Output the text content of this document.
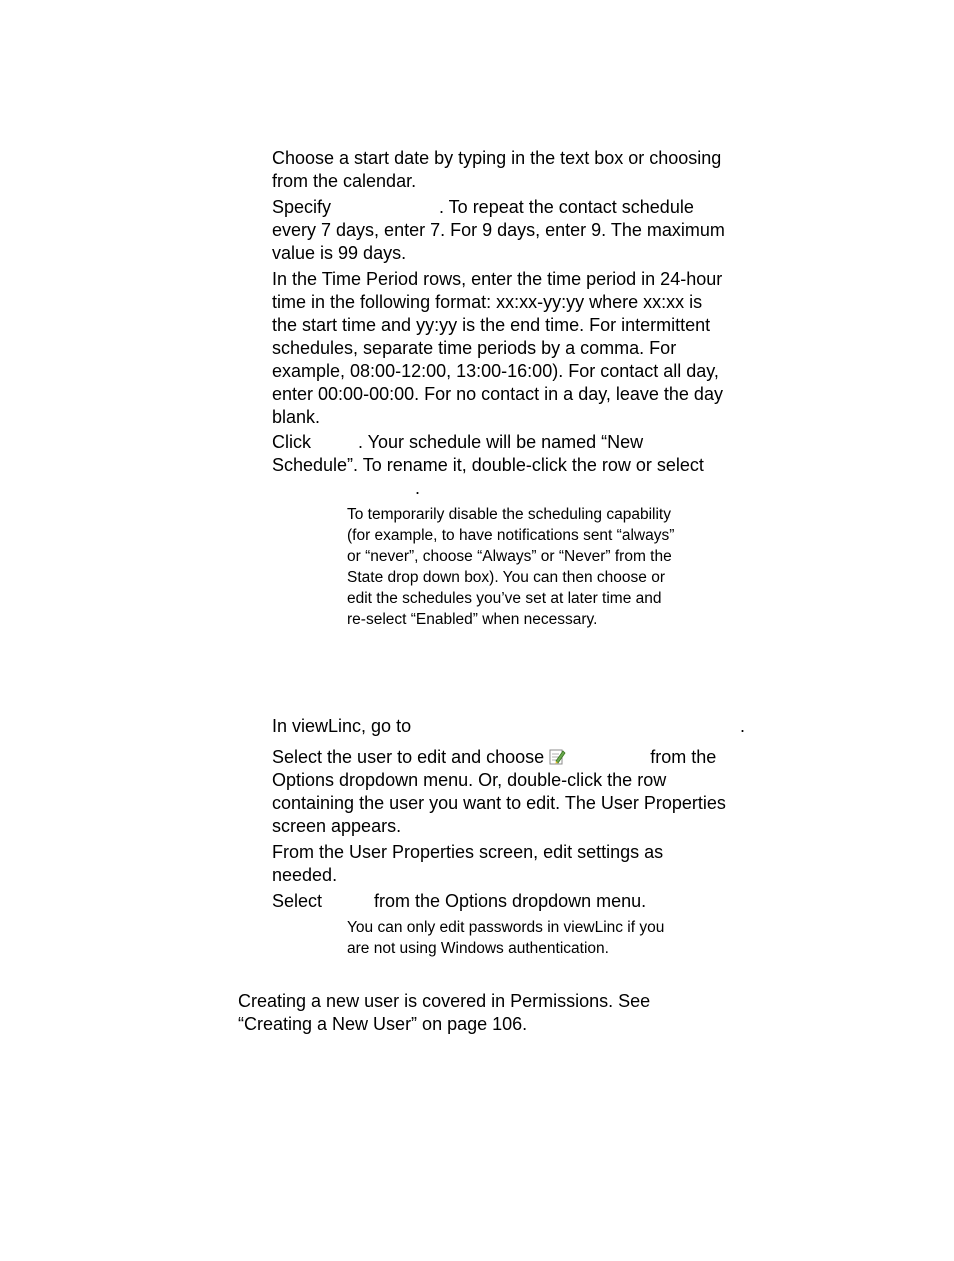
Choose a start date by typing in the text box or choosing
from the calendar.
Specify	. To repeat the contact schedule
every 7 days, enter 7. For 9 days, enter 9. The maximum
value is 99 days.
In the Time Period rows, enter the time period in 24-hour
time in the following format: xx:xx-yy:yy where xx:xx is
the start time and yy:yy is the end time. For intermittent
schedules, separate time periods by a comma. For
example, 08:00-12:00, 13:00-16:00). For contact all day,
enter 00:00-00:00. For no contact in a day, leave the day
blank.
Click	. Your schedule will be named “New
Schedule”. To rename it, double-click the row or select
.
To temporarily disable the scheduling capability
(for example, to have notifications sent “always”
or “never”, choose “Always” or “Never” from the
State drop down box). You can then choose or
edit the schedules you’ve set at later time and
re-select “Enabled” when necessary.
In viewLinc, go to	.
Select the user to edit and choose	from the
Options dropdown menu. Or, double-click the row
containing the user you want to edit. The User Properties
screen appears.
From the User Properties screen, edit settings as
needed.
Select	from the Options dropdown menu.
You can only edit passwords in viewLinc if you
are not using Windows authentication.
Creating a new user is covered in Permissions. See
“Creating a New User” on page 106.
